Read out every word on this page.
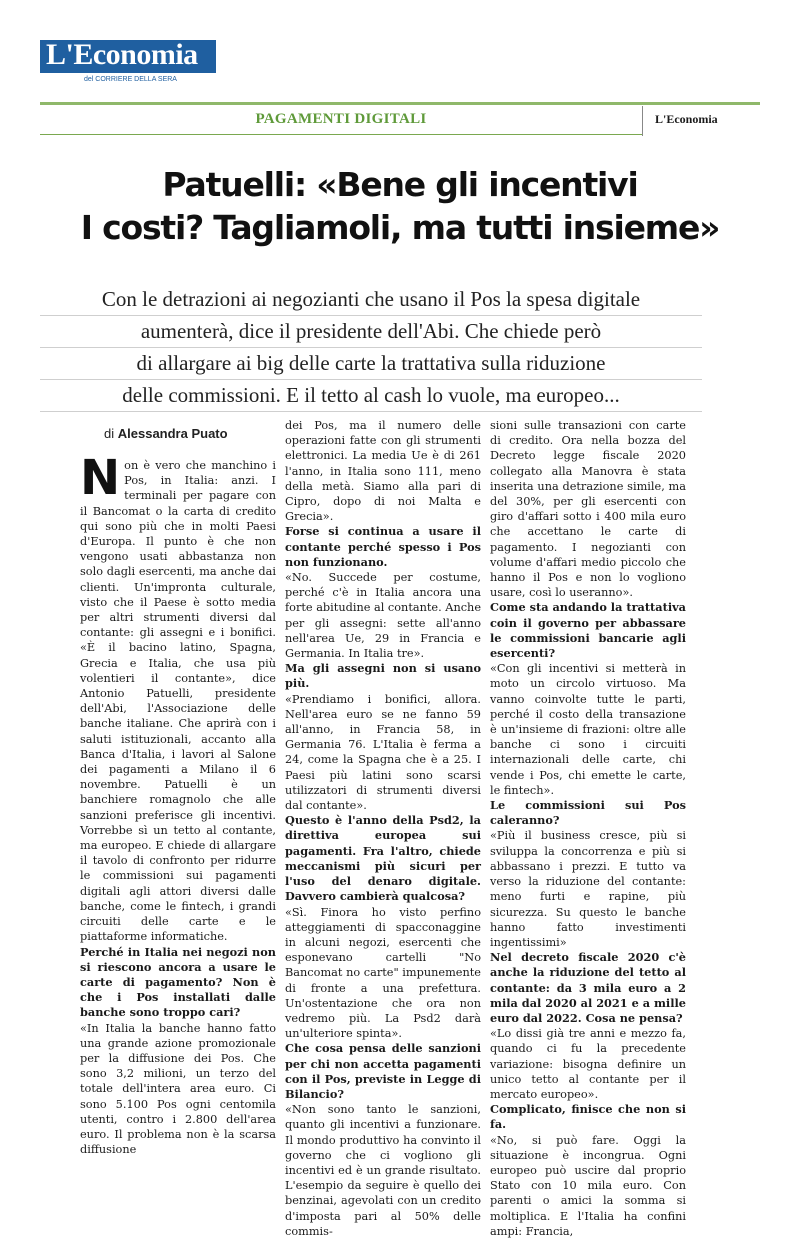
L'Economia
del CORRIERE DELLA SERA
PAGAMENTI DIGITALI	L'Economia
Patuelli: «Bene gli incentivi
I costi? Tagliamoli, ma tutti insieme»
Con le detrazioni ai negozianti che usano il Pos la spesa digitale
aumenterà, dice il presidente dell'Abi. Che chiede però
di allargare ai big delle carte la trattativa sulla riduzione
delle commissioni. E il tetto al cash lo vuole, ma europeo...
di Alessandra Puato

Non è vero che manchino i Pos, in Italia: anzi. I terminali per pagare con il Bancomat o la carta di credito qui sono più che in molti Paesi d'Europa. Il punto è che non vengono usati abbastanza non solo dagli esercenti, ma anche dai clienti. Un'impronta culturale, visto che il Paese è sotto media per altri strumenti diversi dal contante: gli assegni e i bonifici. «È il bacino latino, Spagna, Grecia e Italia, che usa più volentieri il contante», dice Antonio Patuelli, presidente dell'Abi, l'Associazione delle banche italiane. Che aprirà con i saluti istituzionali, accanto alla Banca d'Italia, i lavori al Salone dei pagamenti a Milano il 6 novembre. Patuelli è un banchiere romagnolo che alle sanzioni preferisce gli incentivi. Vorrebbe sì un tetto al contante, ma europeo. E chiede di allargare il tavolo di confronto per ridurre le commissioni sui pagamenti digitali agli attori diversi dalle banche, come le fintech, i grandi circuiti delle carte e le piattaforme informatiche.

Perché in Italia nei negozi non si riescono ancora a usare le carte di pagamento? Non è che i Pos installati dalle banche sono troppo cari?

«In Italia la banche hanno fatto una grande azione promozionale per la diffusione dei Pos. Che sono 3,2 milioni, un terzo del totale dell'intera area euro. Ci sono 5.100 Pos ogni centomila utenti, contro i 2.800 dell'area euro. Il problema non è la scarsa diffusione

dei Pos, ma il numero delle operazioni fatte con gli strumenti elettronici. La media Ue è di 261 l'anno, in Italia sono 111, meno della metà. Siamo alla pari di Cipro, dopo di noi Malta e Grecia».

Forse si continua a usare il contante perché spesso i Pos non funzionano.

«No. Succede per costume, perché c'è in Italia ancora una forte abitudine al contante. Anche per gli assegni: sette all'anno nell'area Ue, 29 in Francia e Germania. In Italia tre».

Ma gli assegni non si usano più.

«Prendiamo i bonifici, allora. Nell'area euro se ne fanno 59 all'anno, in Francia 58, in Germania 76. L'Italia è ferma a 24, come la Spagna che è a 25. I Paesi più latini sono scarsi utilizzatori di strumenti diversi dal contante».

Questo è l'anno della Psd2, la direttiva europea sui pagamenti. Fra l'altro, chiede meccanismi più sicuri per l'uso del denaro digitale. Davvero cambierà qualcosa?

«Sì. Finora ho visto perfino atteggiamenti di spacconaggine in alcuni negozi, esercenti che esponevano cartelli "No Bancomat no carte" impunemente di fronte a una prefettura. Un'ostentazione che ora non vedremo più. La Psd2 darà un'ulteriore spinta».

Che cosa pensa delle sanzioni per chi non accetta pagamenti con il Pos, previste in Legge di Bilancio?

«Non sono tanto le sanzioni, quanto gli incentivi a funzionare. Il mondo produttivo ha convinto il governo che ci vogliono gli incentivi ed è un grande risultato. L'esempio da seguire è quello dei benzinai, agevolati con un credito d'imposta pari al 50% delle commis-

sioni sulle transazioni con carte di credito. Ora nella bozza del Decreto legge fiscale 2020 collegato alla Manovra è stata inserita una detrazione simile, ma del 30%, per gli esercenti con giro d'affari sotto i 400 mila euro che accettano le carte di pagamento. I negozianti con volume d'affari medio piccolo che hanno il Pos e non lo vogliono usare, così lo useranno».

Come sta andando la trattativa coin il governo per abbassare le commissioni bancarie agli esercenti?

«Con gli incentivi si metterà in moto un circolo virtuoso. Ma vanno coinvolte tutte le parti, perché il costo della transazione è un'insieme di frazioni: oltre alle banche ci sono i circuiti internazionali delle carte, chi vende i Pos, chi emette le carte, le fintech».

Le commissioni sui Pos caleranno?

«Più il business cresce, più si sviluppa la concorrenza e più si abbassano i prezzi. E tutto va verso la riduzione del contante: meno furti e rapine, più sicurezza. Su questo le banche hanno fatto investimenti ingentissimi»

Nel decreto fiscale 2020 c'è anche la riduzione del tetto al contante: da 3 mila euro a 2 mila dal 2020 al 2021 e a mille euro dal 2022. Cosa ne pensa?

«Lo dissi già tre anni e mezzo fa, quando ci fu la precedente variazione: bisogna definire un unico tetto al contante per il mercato europeo».

Complicato, finisce che non si fa.

«No, si può fare. Oggi la situazione è incongrua. Ogni europeo può uscire dal proprio Stato con 10 mila euro. Con parenti o amici la somma si moltiplica. E l'Italia ha confini ampi: Francia,
